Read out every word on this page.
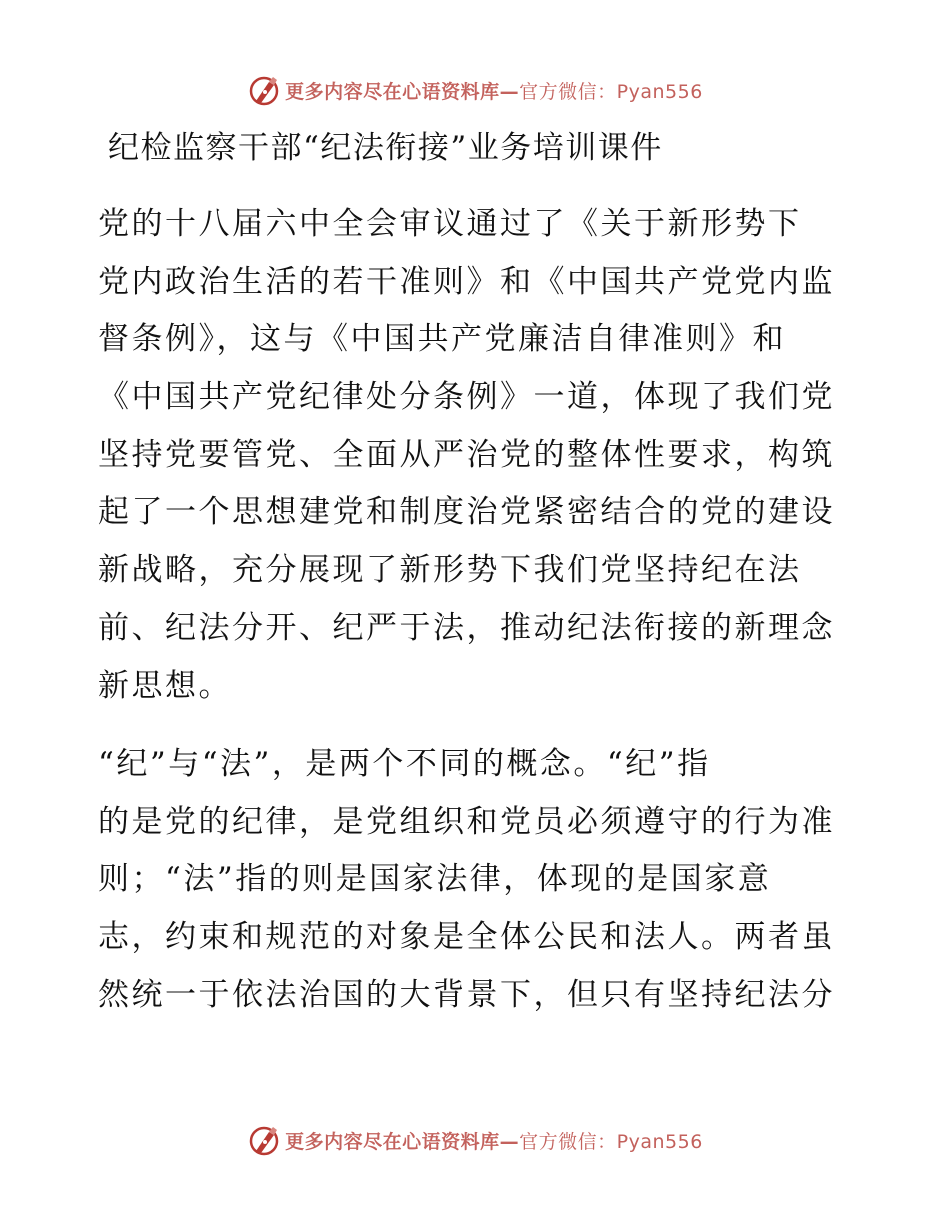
更多内容尽在心语资料库—官方微信：Pyan556
纪检监察干部“纪法衔接”业务培训课件
党的十八届六中全会审议通过了《关于新形势下
党内政治生活的若干准则》和《中国共产党党内监
督条例》，这与《中国共产党廉洁自律准则》和
《中国共产党纪律处分条例》一道，体现了我们党
坚持党要管党、全面从严治党的整体性要求，构筑
起了一个思想建党和制度治党紧密结合的党的建设
新战略，充分展现了新形势下我们党坚持纪在法
前、纪法分开、纪严于法，推动纪法衔接的新理念
新思想。
“纪”与“法”，是两个不同的概念。“纪”指
的是党的纪律，是党组织和党员必须遵守的行为准
则；“法”指的则是国家法律，体现的是国家意
志，约束和规范的对象是全体公民和法人。两者虽
然统一于依法治国的大背景下，但只有坚持纪法分
更多内容尽在心语资料库—官方微信：Pyan556
